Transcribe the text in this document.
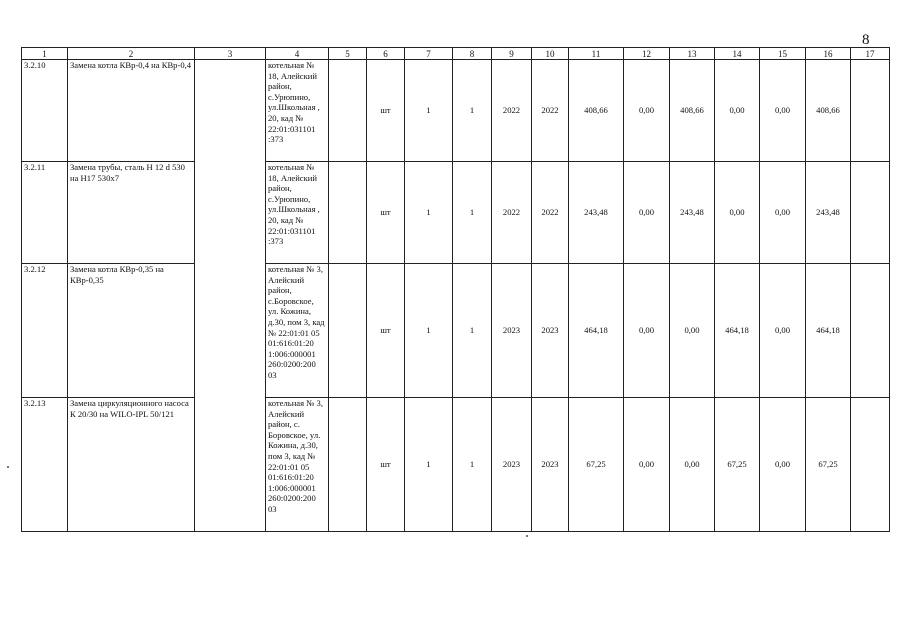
8
1	2	3	4	5	6	7	8	9	10	11	12	13	14	15	16	17
3.2.10	Замена котла КВр-0,4 на КВр-0,4		котельная № 18, Алейский район, с.Урюпино, ул.Школьная , 20, кад № 22:01:031101 :373		шт	1	1	2022	2022	408,66	0,00	408,66	0,00	0,00	408,66	
3.2.11	Замена трубы, сталь H 12 d 530 на H17 530х7		котельная № 18, Алейский район, с.Урюпино, ул.Школьная , 20, кад № 22:01:031101 :373		шт	1	1	2022	2022	243,48	0,00	243,48	0,00	0,00	243,48	
3.2.12	Замена котла КВр-0,35 на КВр-0,35		котельная № 3, Алейский район, с.Боровское, ул. Кожина, д.30, пом 3, кад № 22:01:01 05 01:616:01:20 1:006:000001 260:0200:200 03		шт	1	1	2023	2023	464,18	0,00	0,00	464,18	0,00	464,18	
3.2.13	Замена циркуляционного насоса К 20/30 на WILO-IPL 50/121		котельная № 3, Алейский район, с. Боровское, ул. Кожина, д.30, пом 3, кад № 22:01:01 05 01:616:01:20 1:006:000001 260:0200:200 03		шт	1	1	2023	2023	67,25	0,00	0,00	67,25	0,00	67,25	
